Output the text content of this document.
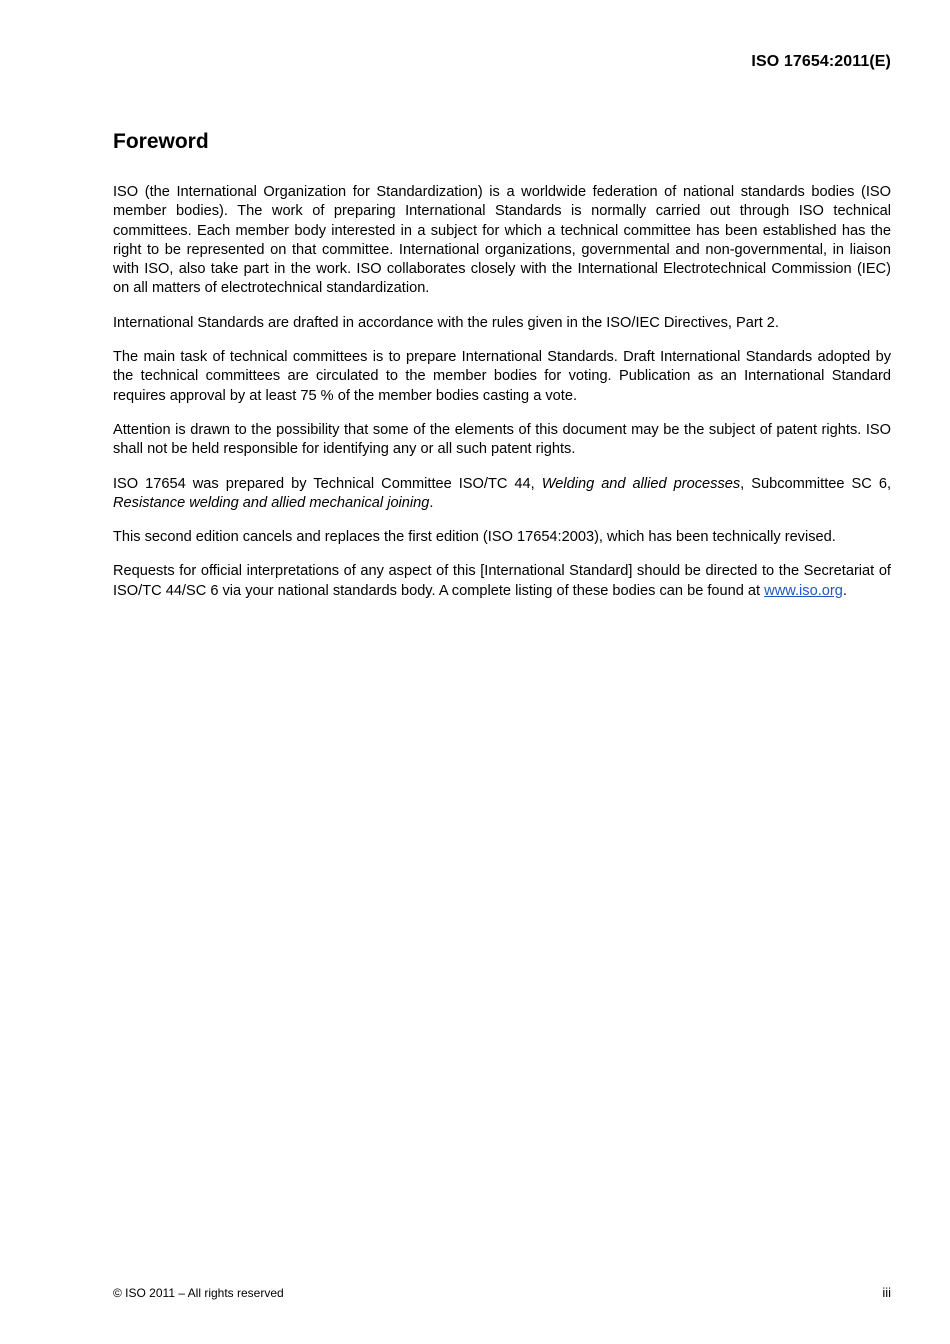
ISO 17654:2011(E)
Foreword

ISO (the International Organization for Standardization) is a worldwide federation of national standards bodies (ISO member bodies). The work of preparing International Standards is normally carried out through ISO technical committees. Each member body interested in a subject for which a technical committee has been established has the right to be represented on that committee. International organizations, governmental and non-governmental, in liaison with ISO, also take part in the work. ISO collaborates closely with the International Electrotechnical Commission (IEC) on all matters of electrotechnical standardization.

International Standards are drafted in accordance with the rules given in the ISO/IEC Directives, Part 2.

The main task of technical committees is to prepare International Standards. Draft International Standards adopted by the technical committees are circulated to the member bodies for voting. Publication as an International Standard requires approval by at least 75 % of the member bodies casting a vote.

Attention is drawn to the possibility that some of the elements of this document may be the subject of patent rights. ISO shall not be held responsible for identifying any or all such patent rights.

ISO 17654 was prepared by Technical Committee ISO/TC 44, Welding and allied processes, Subcommittee SC 6, Resistance welding and allied mechanical joining.

This second edition cancels and replaces the first edition (ISO 17654:2003), which has been technically revised.

Requests for official interpretations of any aspect of this [International Standard] should be directed to the Secretariat of ISO/TC 44/SC 6 via your national standards body. A complete listing of these bodies can be found at www.iso.org.

© ISO 2011 – All rights reserved	iii
